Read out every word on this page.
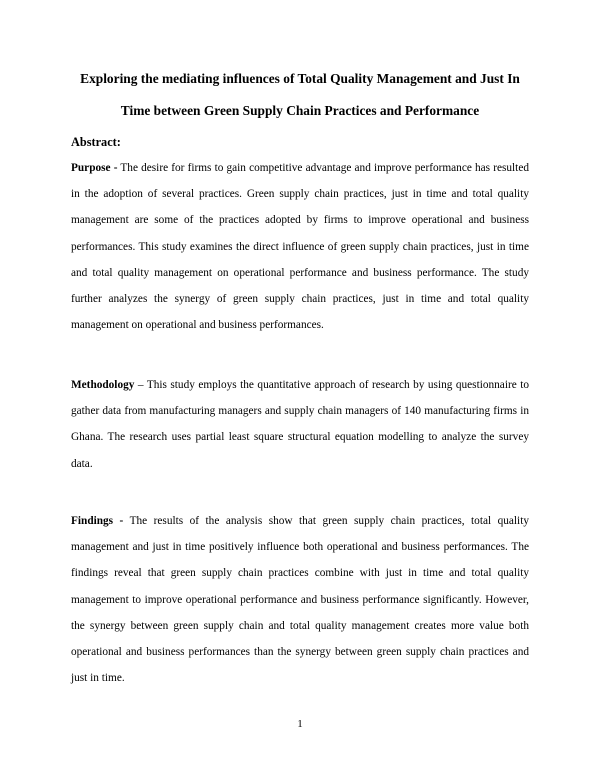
Exploring the mediating influences of Total Quality Management and Just In
Time between Green Supply Chain Practices and Performance
Abstract:
Purpose - The desire for firms to gain competitive advantage and improve performance has resulted in the adoption of several practices. Green supply chain practices, just in time and total quality management are some of the practices adopted by firms to improve operational and business performances. This study examines the direct influence of green supply chain practices, just in time and total quality management on operational performance and business performance. The study further analyzes the synergy of green supply chain practices, just in time and total quality management on operational and business performances.
Methodology – This study employs the quantitative approach of research by using questionnaire to gather data from manufacturing managers and supply chain managers of 140 manufacturing firms in Ghana. The research uses partial least square structural equation modelling to analyze the survey data.
Findings - The results of the analysis show that green supply chain practices, total quality management and just in time positively influence both operational and business performances. The findings reveal that green supply chain practices combine with just in time and total quality management to improve operational performance and business performance significantly. However, the synergy between green supply chain and total quality management creates more value both operational and business performances than the synergy between green supply chain practices and just in time.
1
